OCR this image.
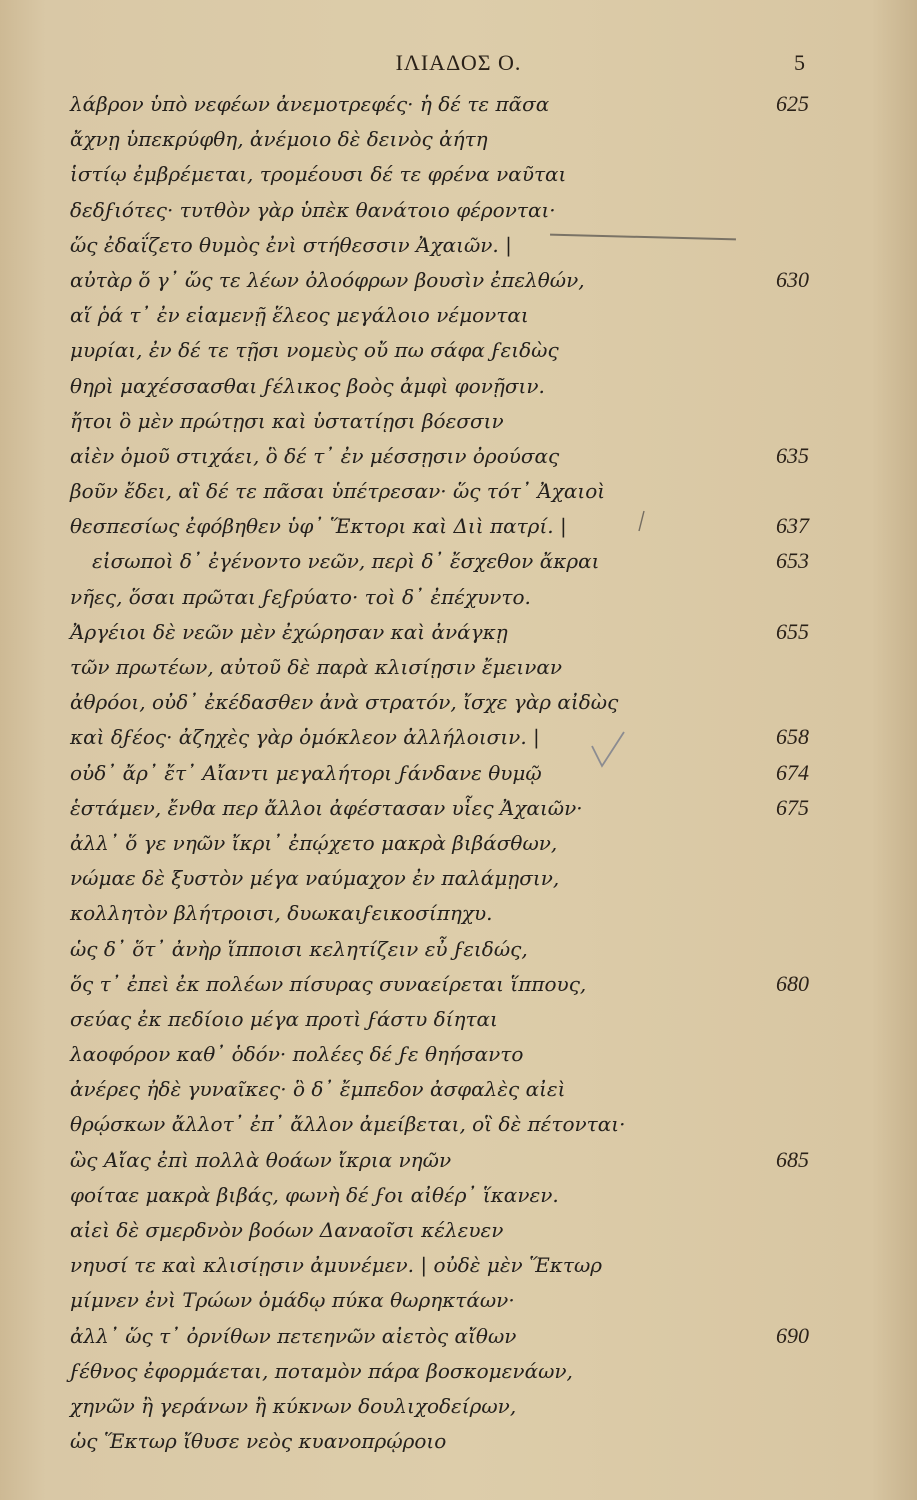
ΙΛΙΑΔΟΣ Ο.	5
λάβρον ὑπὸ νεφέων ἀνεμοτρεφές· ἡ δέ τε πᾶσα	625
ἄχνῃ ὑπεκρύφθη, ἀνέμοιο δὲ δεινὸς ἀήτη
ἱστίῳ ἐμβρέμεται, τρομέουσι δέ τε φρένα ναῦται
δεδϝιότες· τυτθὸν γὰρ ὑπὲκ θανάτοιο φέρονται·
ὥς ἐδαΐζετο θυμὸς ἐνὶ στήθεσσιν Ἀχαιῶν. |
αὐτὰρ ὅ γ᾽ ὥς τε λέων ὀλοόφρων βουσὶν ἐπελθών,	630
αἵ ῥά τ᾽ ἐν εἱαμενῇ ἕλεος μεγάλοιο νέμονται
μυρίαι, ἐν δέ τε τῇσι νομεὺς οὔ πω σάφα ϝειδὼς
θηρὶ μαχέσσασθαι ϝέλικος βοὸς ἀμφὶ φονῇσιν.
ἤτοι ὃ μὲν πρώτῃσι καὶ ὑστατίῃσι βόεσσιν
αἰὲν ὁμοῦ στιχάει, ὃ δέ τ᾽ ἐν μέσσῃσιν ὀρούσας	635
βοῦν ἔδει, αἳ δέ τε πᾶσαι ὑπέτρεσαν· ὥς τότ᾽ Ἀχαιοὶ
θεσπεσίως ἐφόβηθεν ὑφ᾽ Ἕκτορι καὶ Διὶ πατρί. |	637
εἰσωποὶ δ᾽ ἐγένοντο νεῶν, περὶ δ᾽ ἔσχεθον ἄκραι	653
νῆες, ὅσαι πρῶται ϝεϝρύατο· τοὶ δ᾽ ἐπέχυντο.
Ἀργέιοι δὲ νεῶν μὲν ἐχώρησαν καὶ ἀνάγκῃ	655
τῶν πρωτέων, αὐτοῦ δὲ παρὰ κλισίῃσιν ἔμειναν
ἀθρόοι, οὐδ᾽ ἐκέδασθεν ἀνὰ στρατόν, ἴσχε γὰρ αἰδὼς
καὶ δϝέος· ἀζηχὲς γὰρ ὁμόκλεον ἀλλήλοισιν. |	658
οὐδ᾽ ἄρ᾽ ἔτ᾽ Αἴαντι μεγαλήτορι ϝάνδανε θυμῷ	674
ἑστάμεν, ἔνθα περ ἄλλοι ἀφέστασαν υἷες Ἀχαιῶν·	675
ἀλλ᾽ ὅ γε νηῶν ἴκρι᾽ ἐπῴχετο μακρὰ βιβάσθων,
νώμαε δὲ ξυστὸν μέγα ναύμαχον ἐν παλάμῃσιν,
κολλητὸν βλήτροισι, δυωκαιϝεικοσίπηχυ.
ὡς δ᾽ ὅτ᾽ ἀνὴρ ἵπποισι κελητίζειν εὖ ϝειδώς,
ὅς τ᾽ ἐπεὶ ἐκ πολέων πίσυρας συναείρεται ἵππους,	680
σεύας ἐκ πεδίοιο μέγα προτὶ ϝάστυ δίηται
λαοφόρον καθ᾽ ὁδόν· πολέες δέ ϝε θηήσαντο
ἀνέρες ἠδὲ γυναῖκες· ὃ δ᾽ ἔμπεδον ἀσφαλὲς αἰεὶ
θρῴσκων ἄλλοτ᾽ ἐπ᾽ ἄλλον ἀμείβεται, οἳ δὲ πέτονται·
ὣς Αἴας ἐπὶ πολλὰ θοάων ἴκρια νηῶν	685
φοίταε μακρὰ βιβάς, φωνὴ δέ ϝοι αἰθέρ᾽ ἵκανεν.
αἰεὶ δὲ σμερδνὸν βοόων Δαναοῖσι κέλευεν
νηυσί τε καὶ κλισίῃσιν ἀμυνέμεν. | οὐδὲ μὲν Ἕκτωρ
μίμνεν ἐνὶ Τρώων ὁμάδῳ πύκα θωρηκτάων·
ἀλλ᾽ ὥς τ᾽ ὀρνίθων πετεηνῶν αἰετὸς αἴθων	690
ϝέθνος ἐφορμάεται, ποταμὸν πάρα βοσκομενάων,
χηνῶν ἢ γεράνων ἢ κύκνων δουλιχοδείρων,
ὡς Ἕκτωρ ἴθυσε νεὸς κυανοπρῴροιο
